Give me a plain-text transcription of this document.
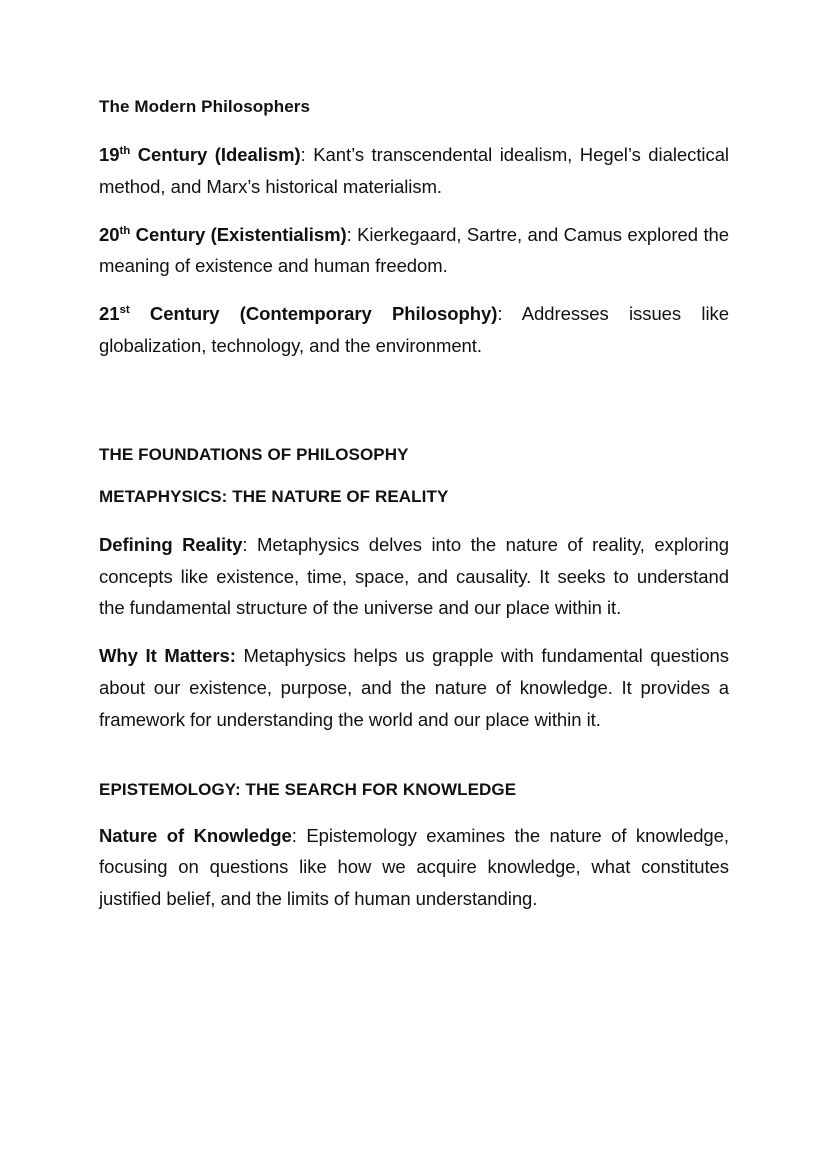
The Modern Philosophers

19th Century (Idealism): Kant’s transcendental idealism, Hegel’s dialectical method, and Marx’s historical materialism.

20th Century (Existentialism): Kierkegaard, Sartre, and Camus explored the meaning of existence and human freedom.

21st Century (Contemporary Philosophy): Addresses issues like globalization, technology, and the environment.

THE FOUNDATIONS OF PHILOSOPHY
METAPHYSICS: THE NATURE OF REALITY

Defining Reality: Metaphysics delves into the nature of reality, exploring concepts like existence, time, space, and causality. It seeks to understand the fundamental structure of the universe and our place within it.

Why It Matters: Metaphysics helps us grapple with fundamental questions about our existence, purpose, and the nature of knowledge. It provides a framework for understanding the world and our place within it.

EPISTEMOLOGY: THE SEARCH FOR KNOWLEDGE

Nature of Knowledge: Epistemology examines the nature of knowledge, focusing on questions like how we acquire knowledge, what constitutes justified belief, and the limits of human understanding.
